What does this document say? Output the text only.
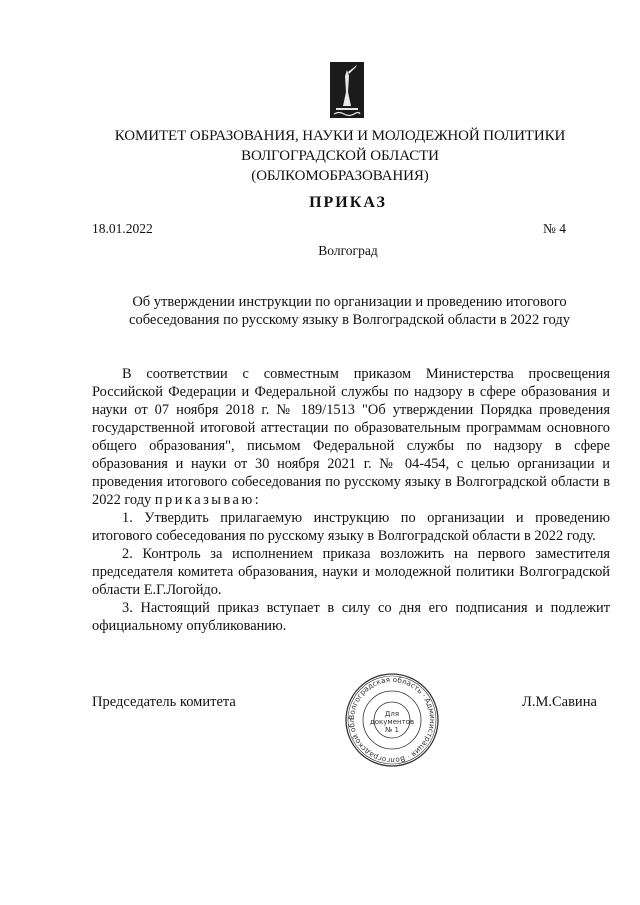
КОМИТЕТ ОБРАЗОВАНИЯ, НАУКИ И МОЛОДЕЖНОЙ ПОЛИТИКИ
ВОЛГОГРАДСКОЙ ОБЛАСТИ
(ОБЛКОМОБРАЗОВАНИЯ)
ПРИКАЗ
18.01.2022	№ 4
Волгоград
Об утверждении инструкции по организации и проведению итогового
собеседования по русскому языку в Волгоградской области в 2022 году

В соответствии с совместным приказом Министерства просвещения Российской Федерации и Федеральной службы по надзору в сфере образования и науки от 07 ноября 2018 г. № 189/1513 "Об утверждении Порядка проведения государственной итоговой аттестации по образовательным программам основного общего образования", письмом Федеральной службы по надзору в сфере образования и науки от 30 ноября 2021 г. № 04-454, с целью организации и проведения итогового собеседования по русскому языку в Волгоградской области в 2022 году приказываю:

1. Утвердить прилагаемую инструкцию по организации и проведению итогового собеседования по русскому языку в Волгоградской области в 2022 году.

2. Контроль за исполнением приказа возложить на первого заместителя председателя комитета образования, науки и молодежной политики Волгоградской области Е.Г.Логойдо.

3. Настоящий приказ вступает в силу со дня его подписания и подлежит официальному опубликованию.

Председатель комитета	Л.М.Савина
Волгоградская область · Администрация · Волгоградской обл
Для
документов
№ 1
